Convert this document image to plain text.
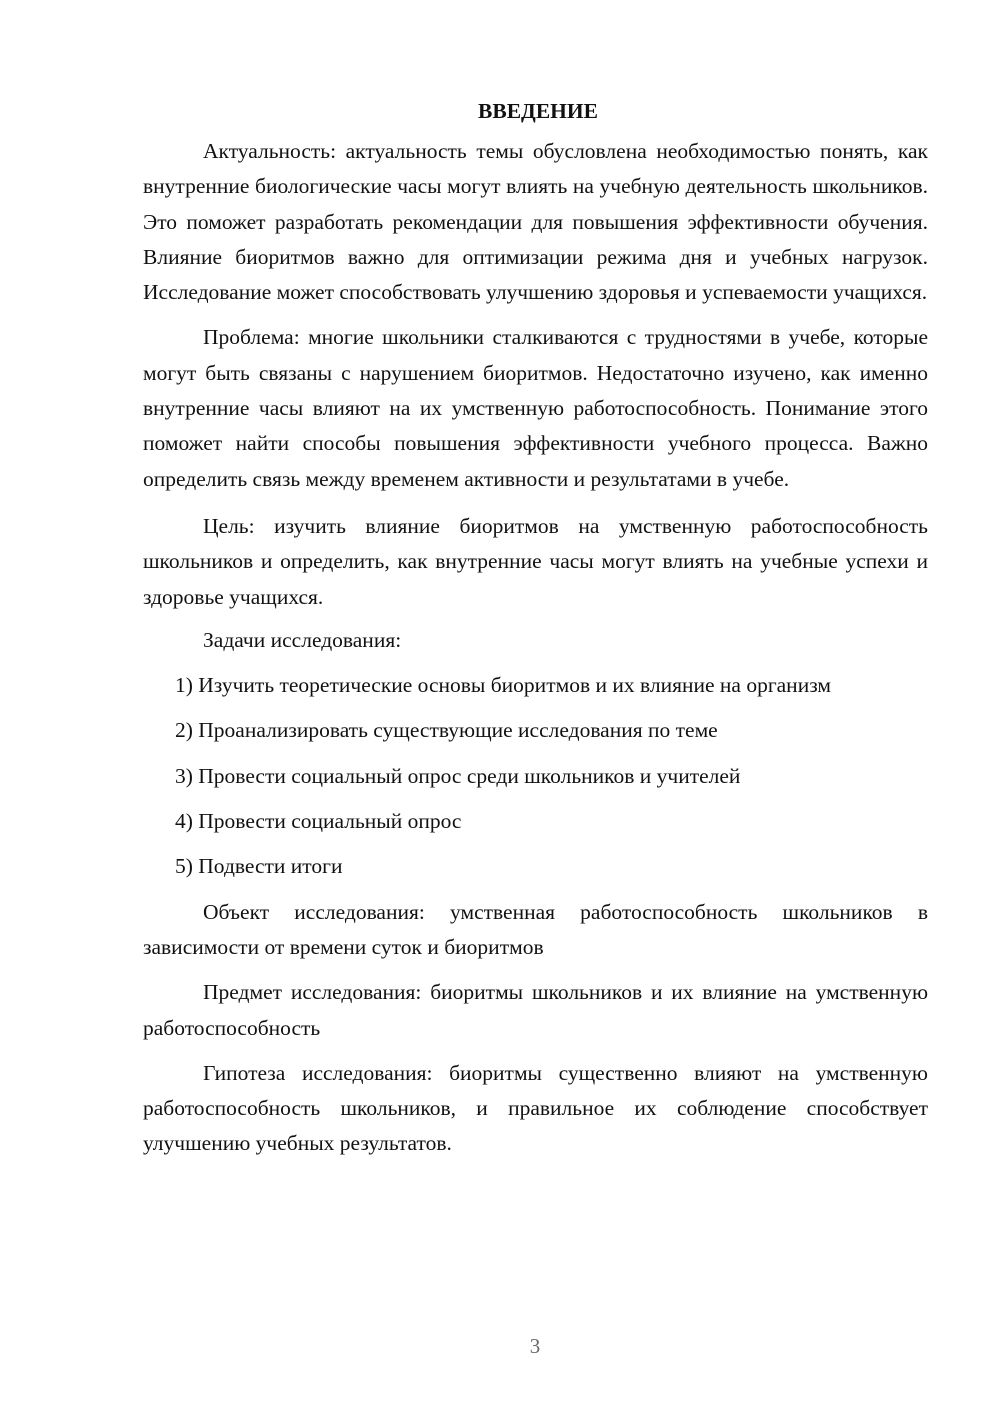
ВВЕДЕНИЕ

Актуальность: актуальность темы обусловлена необходимостью понять, как внутренние биологические часы могут влиять на учебную деятельность школьников. Это поможет разработать рекомендации для повышения эффективности обучения. Влияние биоритмов важно для оптимизации режима дня и учебных нагрузок. Исследование может способствовать улучшению здоровья и успеваемости учащихся.

Проблема: многие школьники сталкиваются с трудностями в учебе, которые могут быть связаны с нарушением биоритмов. Недостаточно изучено, как именно внутренние часы влияют на их умственную работоспособность. Понимание этого поможет найти способы повышения эффективности учебного процесса. Важно определить связь между временем активности и результатами в учебе.

Цель: изучить влияние биоритмов на умственную работоспособность школьников и определить, как внутренние часы могут влиять на учебные успехи и здоровье учащихся.

Задачи исследования:

1) Изучить теоретические основы биоритмов и их влияние на организм

2) Проанализировать существующие исследования по теме

3) Провести социальный опрос среди школьников и учителей

4) Провести социальный опрос

5) Подвести итоги

Объект исследования: умственная работоспособность школьников в зависимости от времени суток и биоритмов

Предмет исследования: биоритмы школьников и их влияние на умственную работоспособность

Гипотеза исследования: биоритмы существенно влияют на умственную работоспособность школьников, и правильное их соблюдение способствует улучшению учебных результатов.

3
